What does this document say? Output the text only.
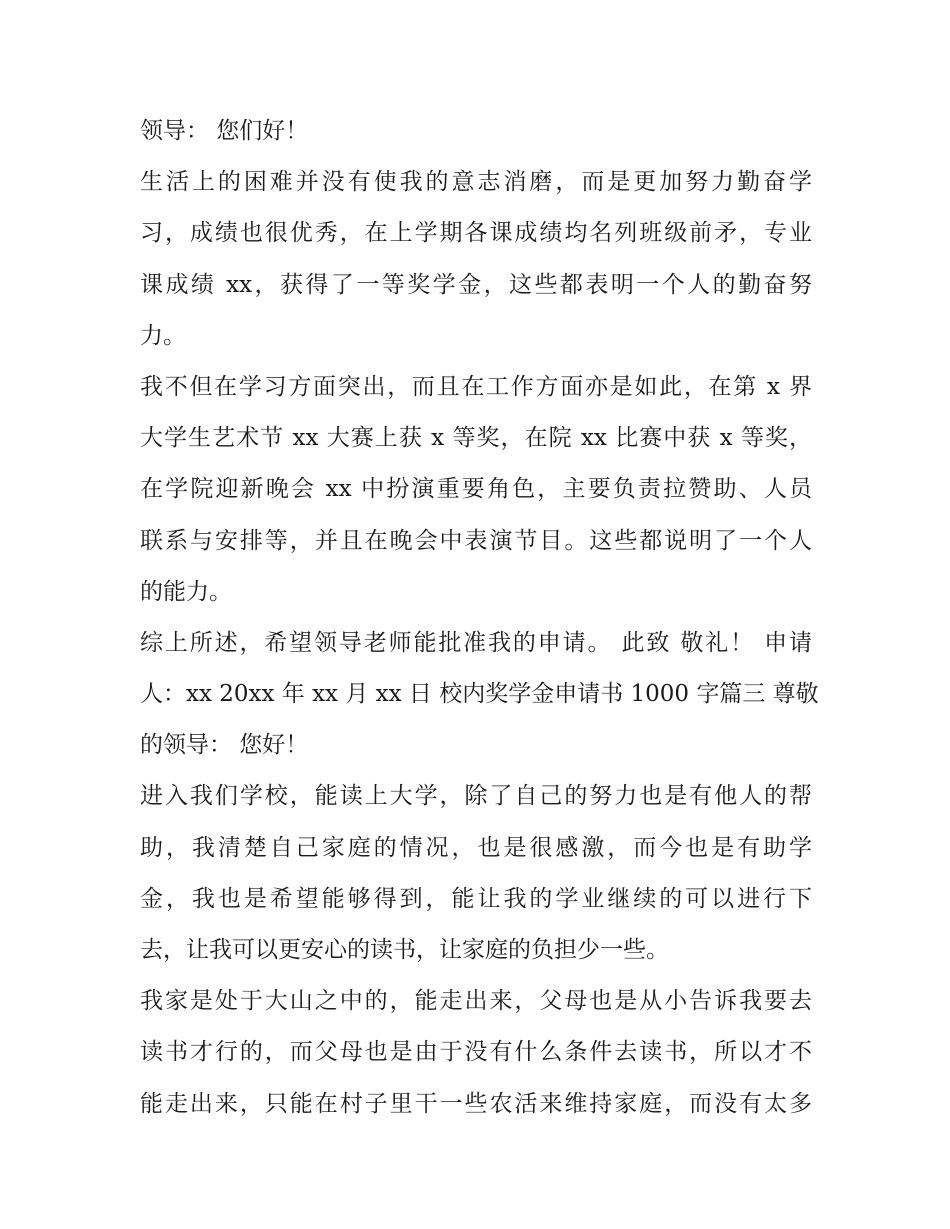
领导： 您们好！
生活上的困难并没有使我的意志消磨，而是更加努力勤奋学
习，成绩也很优秀，在上学期各课成绩均名列班级前矛，专业
课成绩 xx，获得了一等奖学金，这些都表明一个人的勤奋努
力。
我不但在学习方面突出，而且在工作方面亦是如此，在第 x 界
大学生艺术节 xx 大赛上获 x 等奖，在院 xx 比赛中获 x 等奖，
在学院迎新晚会 xx 中扮演重要角色，主要负责拉赞助、人员
联系与安排等，并且在晚会中表演节目。这些都说明了一个人
的能力。
综上所述，希望领导老师能批准我的申请。 此致 敬礼！ 申请
人：xx 20xx 年 xx 月 xx 日 校内奖学金申请书 1000 字篇三 尊敬
的领导： 您好！
进入我们学校，能读上大学，除了自己的努力也是有他人的帮
助，我清楚自己家庭的情况，也是很感激，而今也是有助学
金，我也是希望能够得到，能让我的学业继续的可以进行下
去，让我可以更安心的读书，让家庭的负担少一些。
我家是处于大山之中的，能走出来，父母也是从小告诉我要去
读书才行的，而父母也是由于没有什么条件去读书，所以才不
能走出来，只能在村子里干一些农活来维持家庭，而没有太多
